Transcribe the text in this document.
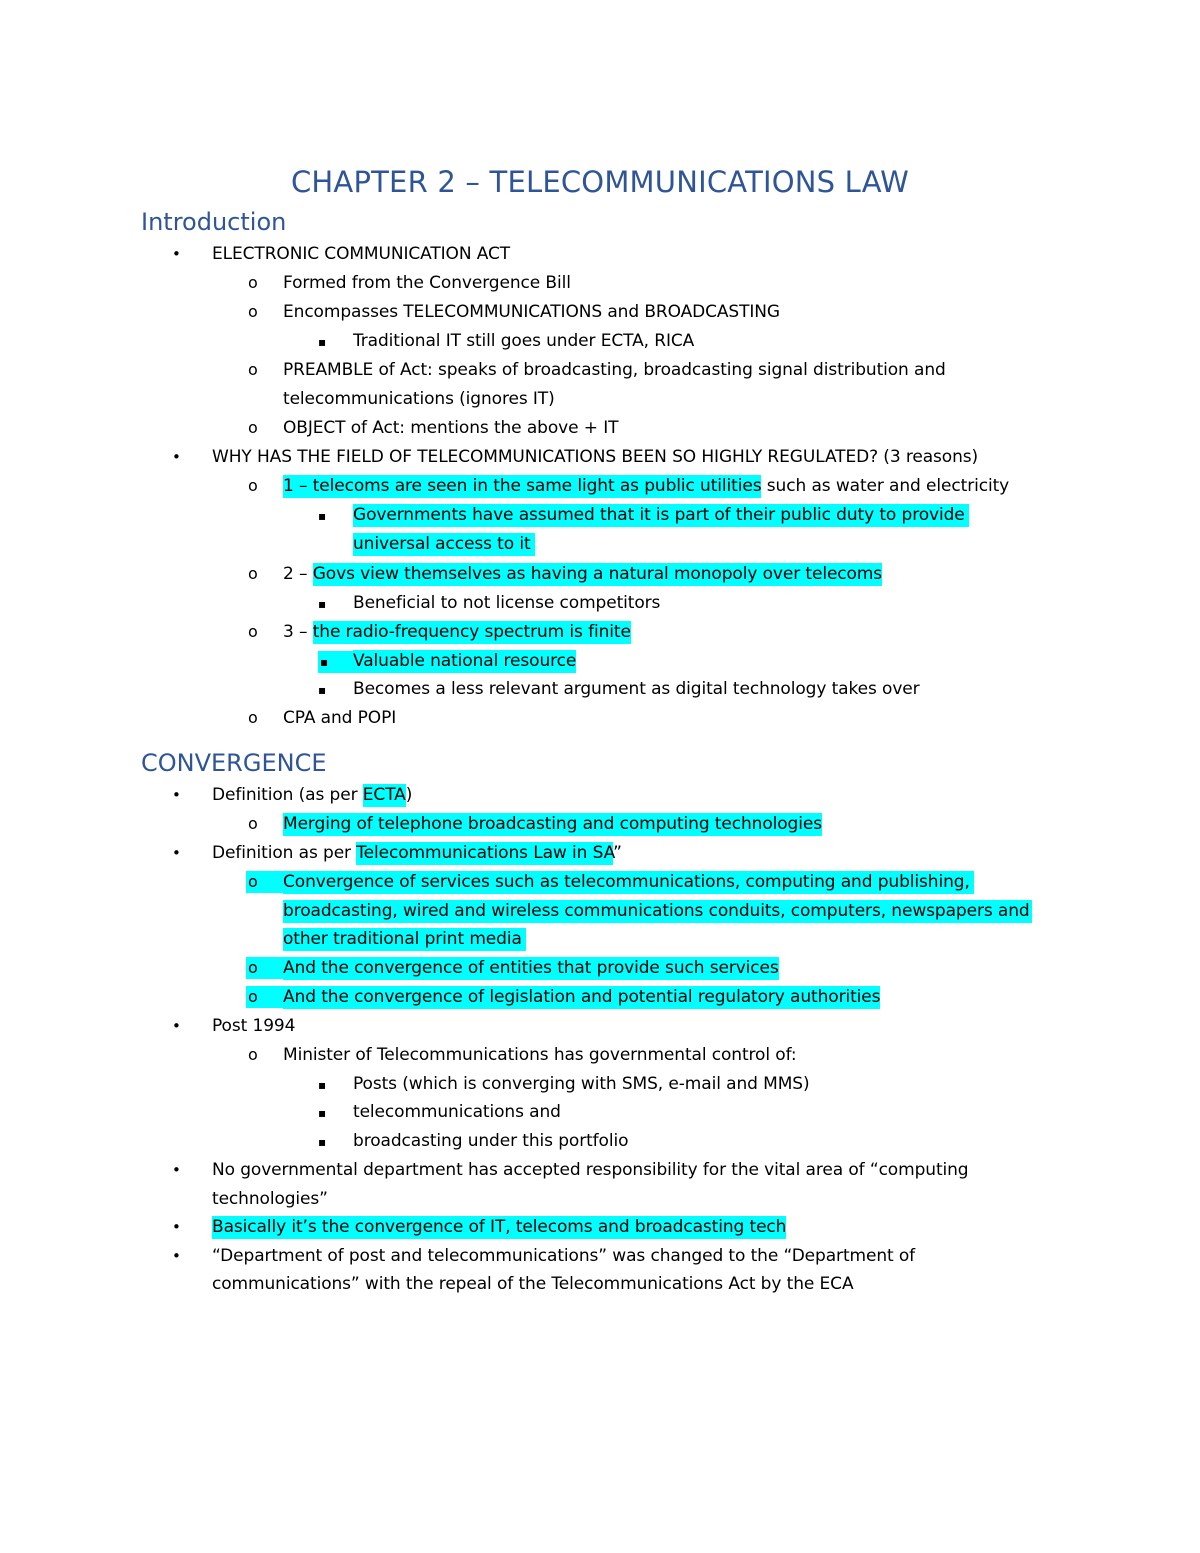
CHAPTER 2 – TELECOMMUNICATIONS LAW
Introduction
• ELECTRONIC COMMUNICATION ACT
o Formed from the Convergence Bill
o Encompasses TELECOMMUNICATIONS and BROADCASTING
▪ Traditional IT still goes under ECTA, RICA
o PREAMBLE of Act: speaks of broadcasting, broadcasting signal distribution and
telecommunications (ignores IT)
o OBJECT of Act: mentions the above + IT
• WHY HAS THE FIELD OF TELECOMMUNICATIONS BEEN SO HIGHLY REGULATED? (3 reasons)
o 1 – telecoms are seen in the same light as public utilities such as water and electricity
▪ Governments have assumed that it is part of their public duty to provide
universal access to it
o 2 – Govs view themselves as having a natural monopoly over telecoms
▪ Beneficial to not license competitors
o 3 – the radio-frequency spectrum is finite
▪	Valuable national resource
▪ Becomes a less relevant argument as digital technology takes over
o CPA and POPI
CONVERGENCE
• Definition (as per ECTA)
o Merging of telephone broadcasting and computing technologies
• Definition as per Telecommunications Law in SA”
o	Convergence of services such as telecommunications, computing and publishing,
broadcasting, wired and wireless communications conduits, computers, newspapers and
other traditional print media
o	And the convergence of entities that provide such services
o	And the convergence of legislation and potential regulatory authorities
• Post 1994
o Minister of Telecommunications has governmental control of:
▪ Posts (which is converging with SMS, e-mail and MMS)
▪ telecommunications and
▪ broadcasting under this portfolio
• No governmental department has accepted responsibility for the vital area of “computing
technologies”
• Basically it’s the convergence of IT, telecoms and broadcasting tech
• “Department of post and telecommunications” was changed to the “Department of
communications” with the repeal of the Telecommunications Act by the ECA
